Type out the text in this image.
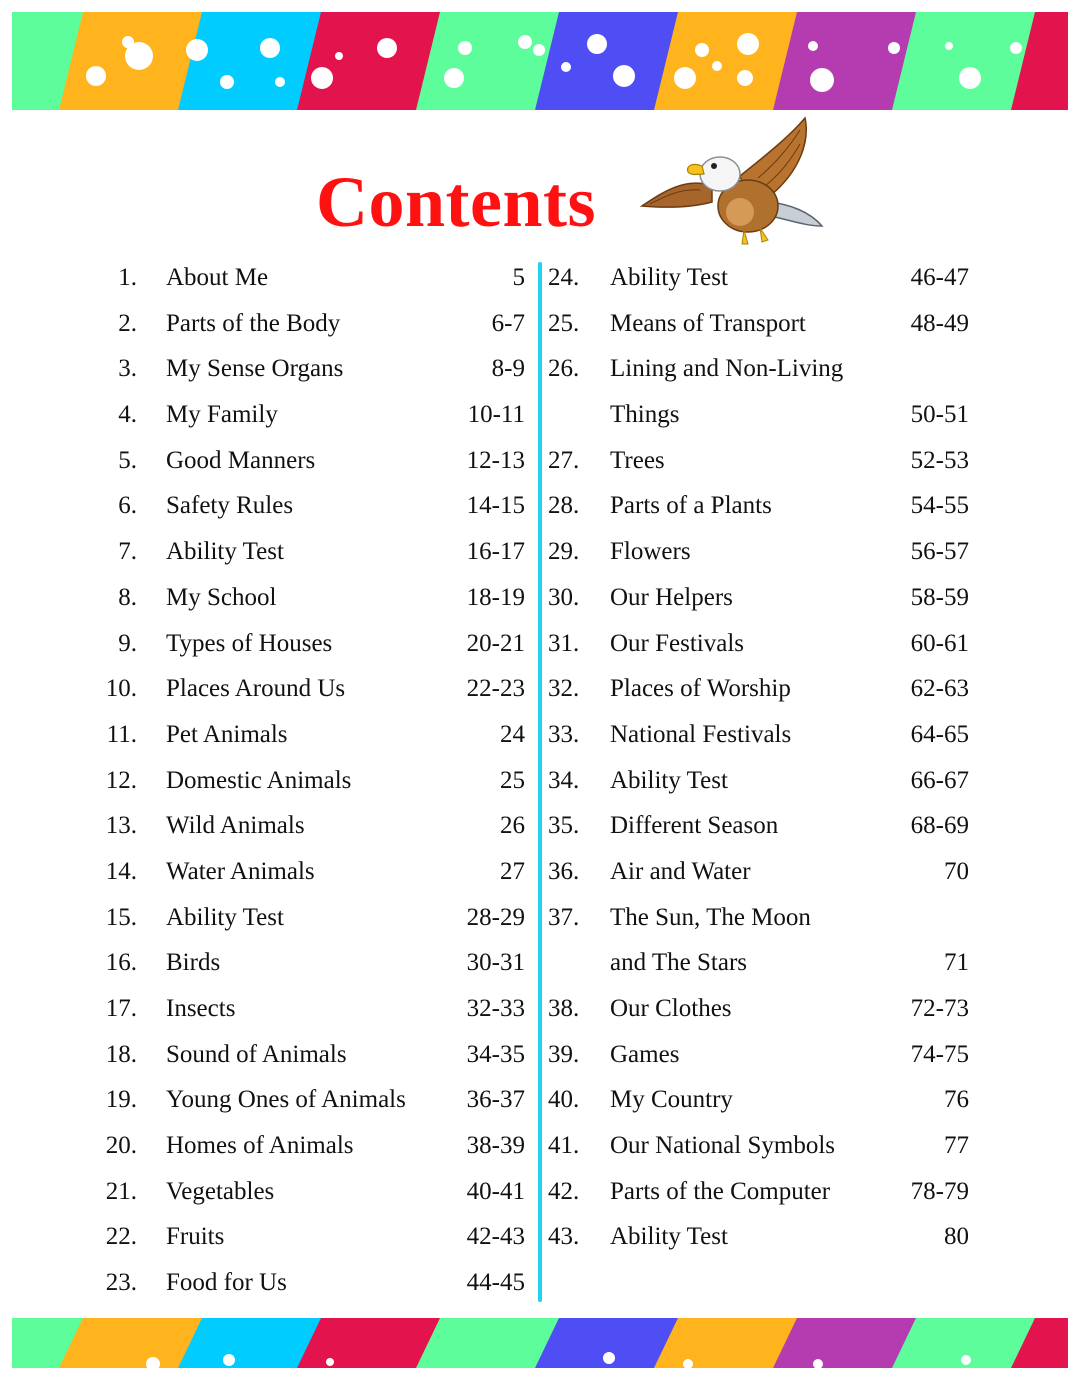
Contents
1. About Me	5
2. Parts of the Body	6-7
3. My Sense Organs	8-9
4. My Family	10-11
5. Good Manners	12-13
6. Safety Rules	14-15
7. Ability Test	16-17
8. My School	18-19
9. Types of Houses	20-21
10. Places Around Us	22-23
11. Pet Animals	24
12. Domestic Animals	25
13. Wild Animals	26
14. Water Animals	27
15. Ability Test	28-29
16. Birds	30-31
17. Insects	32-33
18. Sound of Animals	34-35
19. Young Ones of Animals 36-37
20. Homes of Animals	38-39
21. Vegetables	40-41
22. Fruits	42-43
23. Food for Us	44-45
24. Ability Test	46-47
25. Means of Transport	48-49
26. Lining and Non-Living
Things	50-51
27. Trees	52-53
28. Parts of a Plants	54-55
29. Flowers	56-57
30. Our Helpers	58-59
31. Our Festivals	60-61
32. Places of Worship	62-63
33. National Festivals	64-65
34. Ability Test	66-67
35. Different Season	68-69
36. Air and Water	70
37. The Sun, The Moon
and The Stars	71
38. Our Clothes	72-73
39. Games	74-75
40. My Country	76
41. Our National Symbols	77
42. Parts of the Computer	78-79
43. Ability Test	80
